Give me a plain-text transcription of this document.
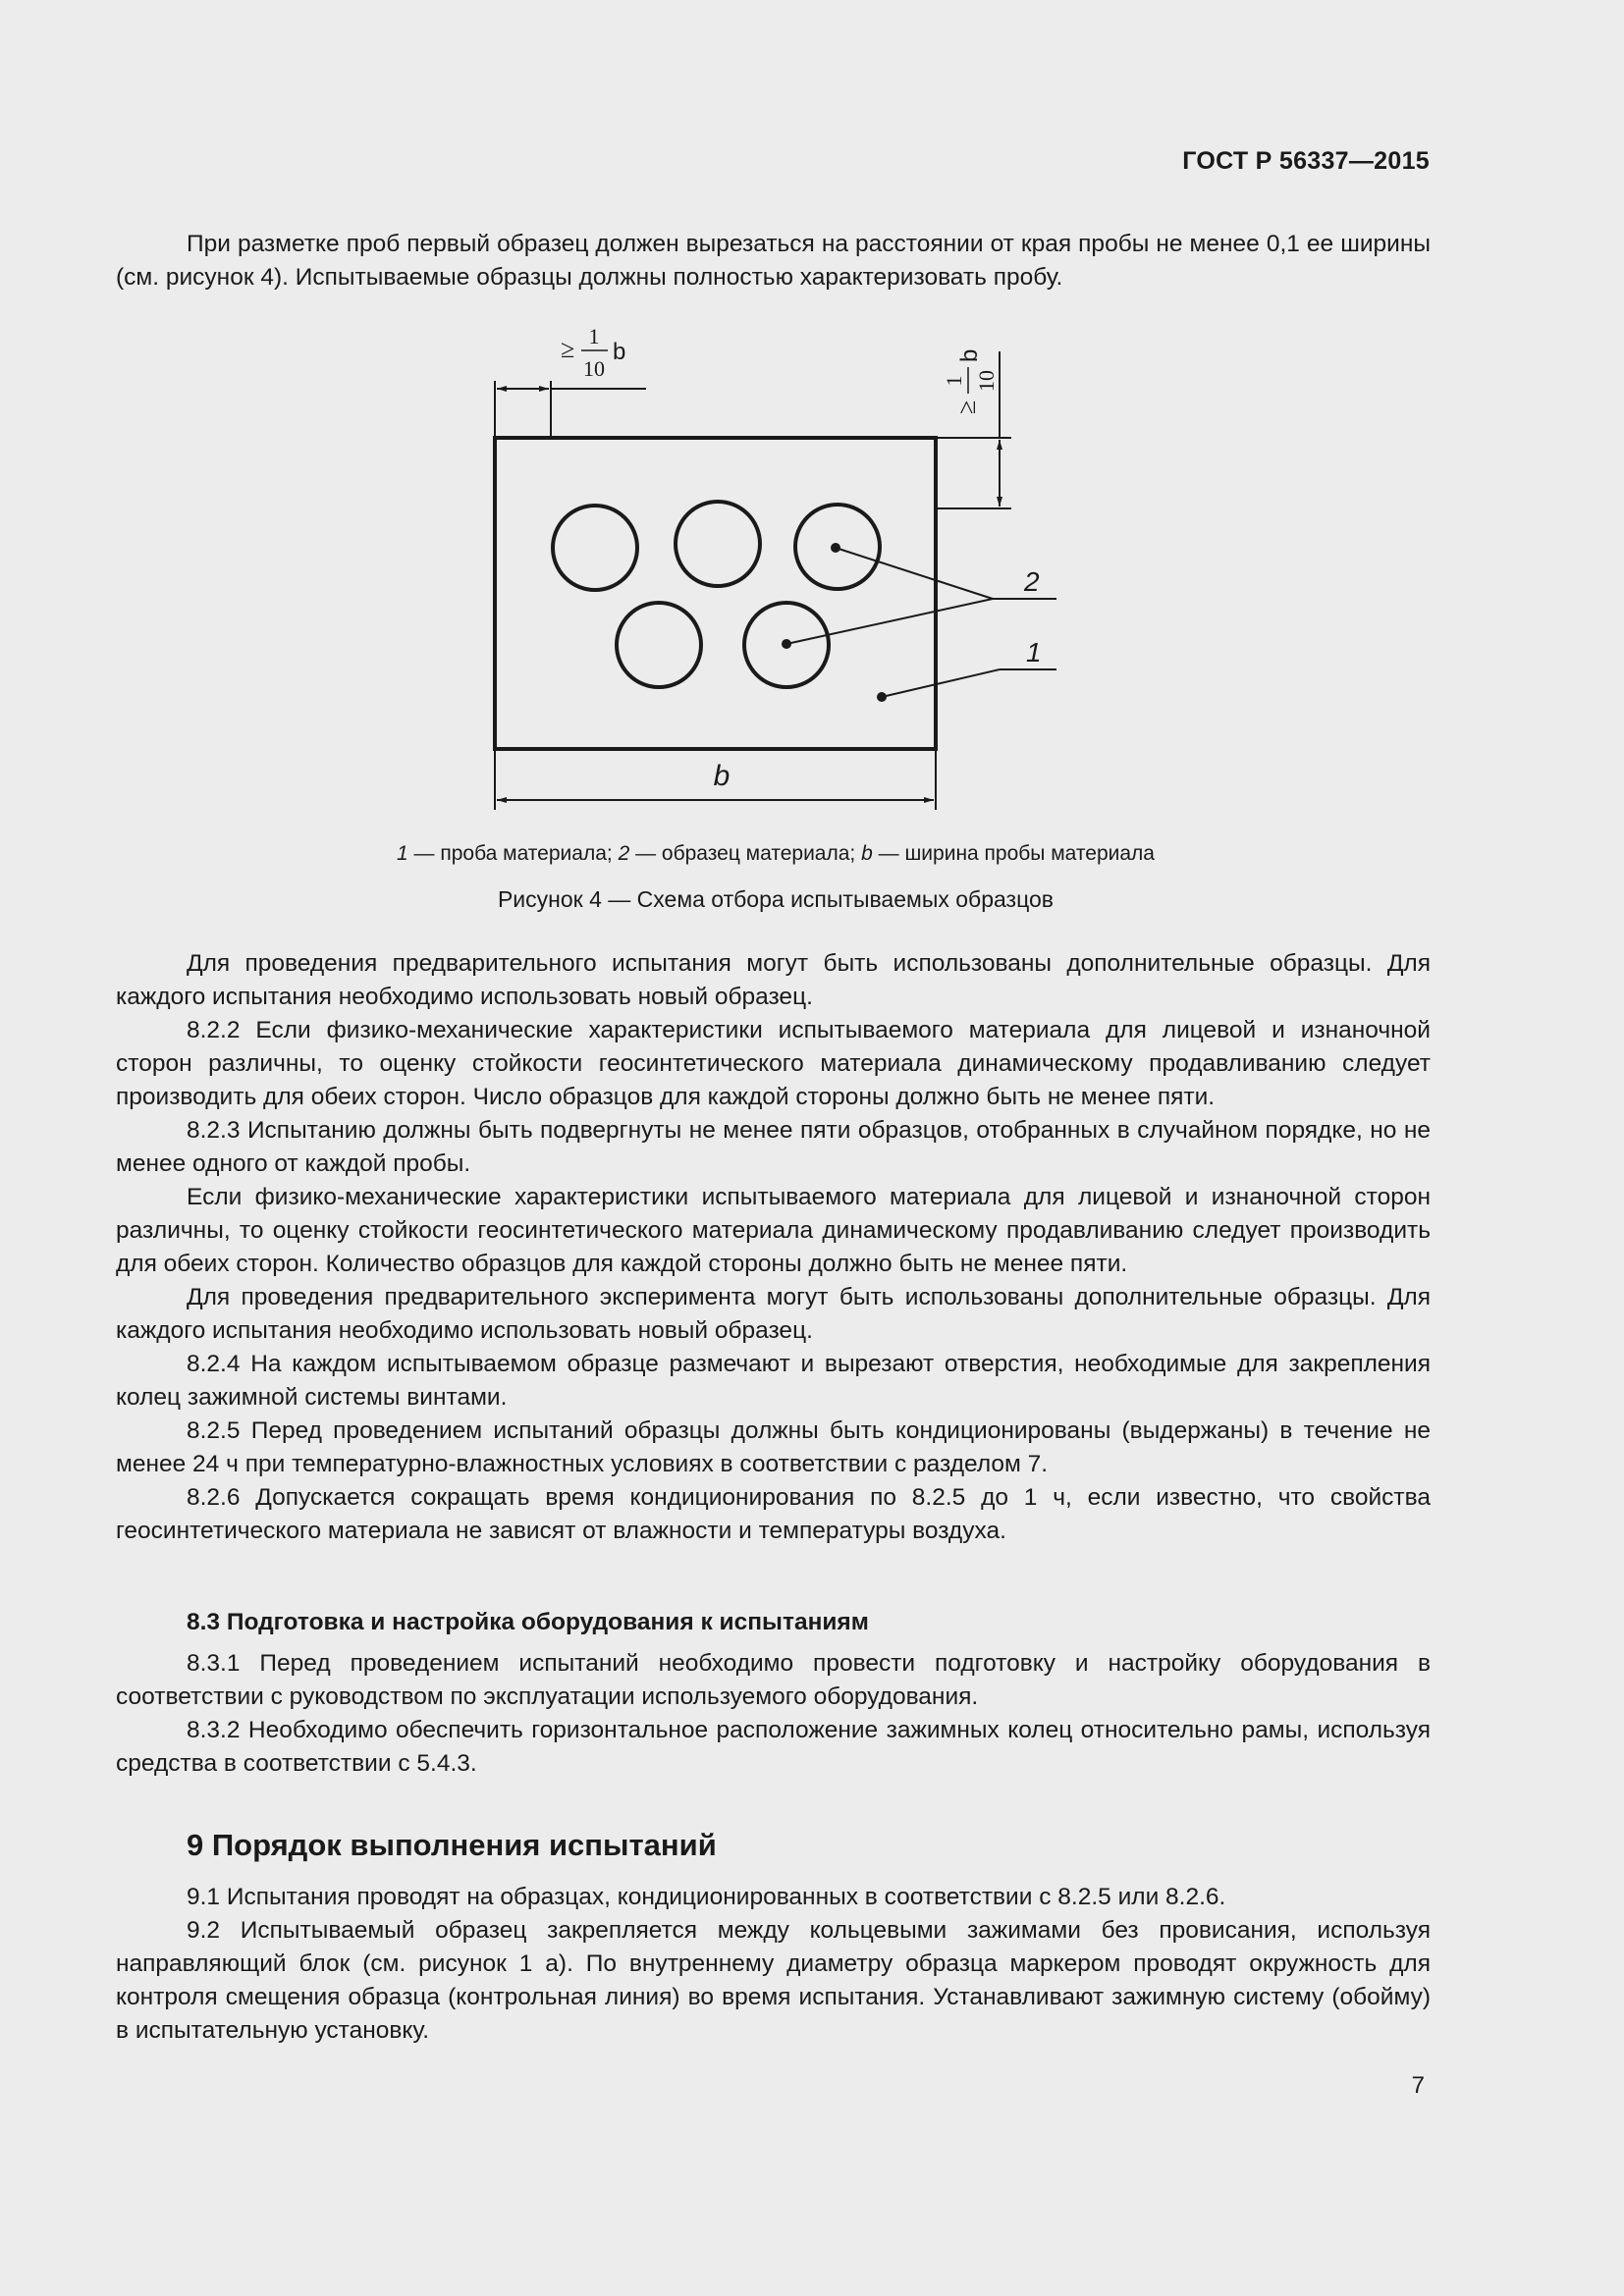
ГОСТ Р 56337—2015

При разметке проб первый образец должен вырезаться на расстоянии от края пробы не менее 0,1 ее ширины (см. рисунок 4). Испытываемые образцы должны полностью характеризовать пробу.

b
2
1
≥ 1
10
b
≥
1 10
b
1 — проба материала; 2 — образец материала; b — ширина пробы материала
Рисунок 4 — Схема отбора испытываемых образцов

Для проведения предварительного испытания могут быть использованы дополнительные образцы. Для каждого испытания необходимо использовать новый образец.

8.2.2 Если физико-механические характеристики испытываемого материала для лицевой и изнаночной сторон различны, то оценку стойкости геосинтетического материала динамическому продавливанию следует производить для обеих сторон. Число образцов для каждой стороны должно быть не менее пяти.

8.2.3 Испытанию должны быть подвергнуты не менее пяти образцов, отобранных в случайном порядке, но не менее одного от каждой пробы.

Если физико-механические характеристики испытываемого материала для лицевой и изнаночной сторон различны, то оценку стойкости геосинтетического материала динамическому продавливанию следует производить для обеих сторон. Количество образцов для каждой стороны должно быть не менее пяти.

Для проведения предварительного эксперимента могут быть использованы дополнительные образцы. Для каждого испытания необходимо использовать новый образец.

8.2.4 На каждом испытываемом образце размечают и вырезают отверстия, необходимые для закрепления колец зажимной системы винтами.

8.2.5 Перед проведением испытаний образцы должны быть кондиционированы (выдержаны) в течение не менее 24 ч при температурно-влажностных условиях в соответствии с разделом 7.

8.2.6 Допускается сокращать время кондиционирования по 8.2.5 до 1 ч, если известно, что свойства геосинтетического материала не зависят от влажности и температуры воздуха.

8.3 Подготовка и настройка оборудования к испытаниям

8.3.1 Перед проведением испытаний необходимо провести подготовку и настройку оборудования в соответствии с руководством по эксплуатации используемого оборудования.

8.3.2 Необходимо обеспечить горизонтальное расположение зажимных колец относительно рамы, используя средства в соответствии с 5.4.3.

9 Порядок выполнения испытаний

9.1 Испытания проводят на образцах, кондиционированных в соответствии с 8.2.5 или 8.2.6.

9.2 Испытываемый образец закрепляется между кольцевыми зажимами без провисания, используя направляющий блок (см. рисунок 1 а). По внутреннему диаметру образца маркером проводят окружность для контроля смещения образца (контрольная линия) во время испытания. Устанавливают зажимную систему (обойму) в испытательную установку.

7
